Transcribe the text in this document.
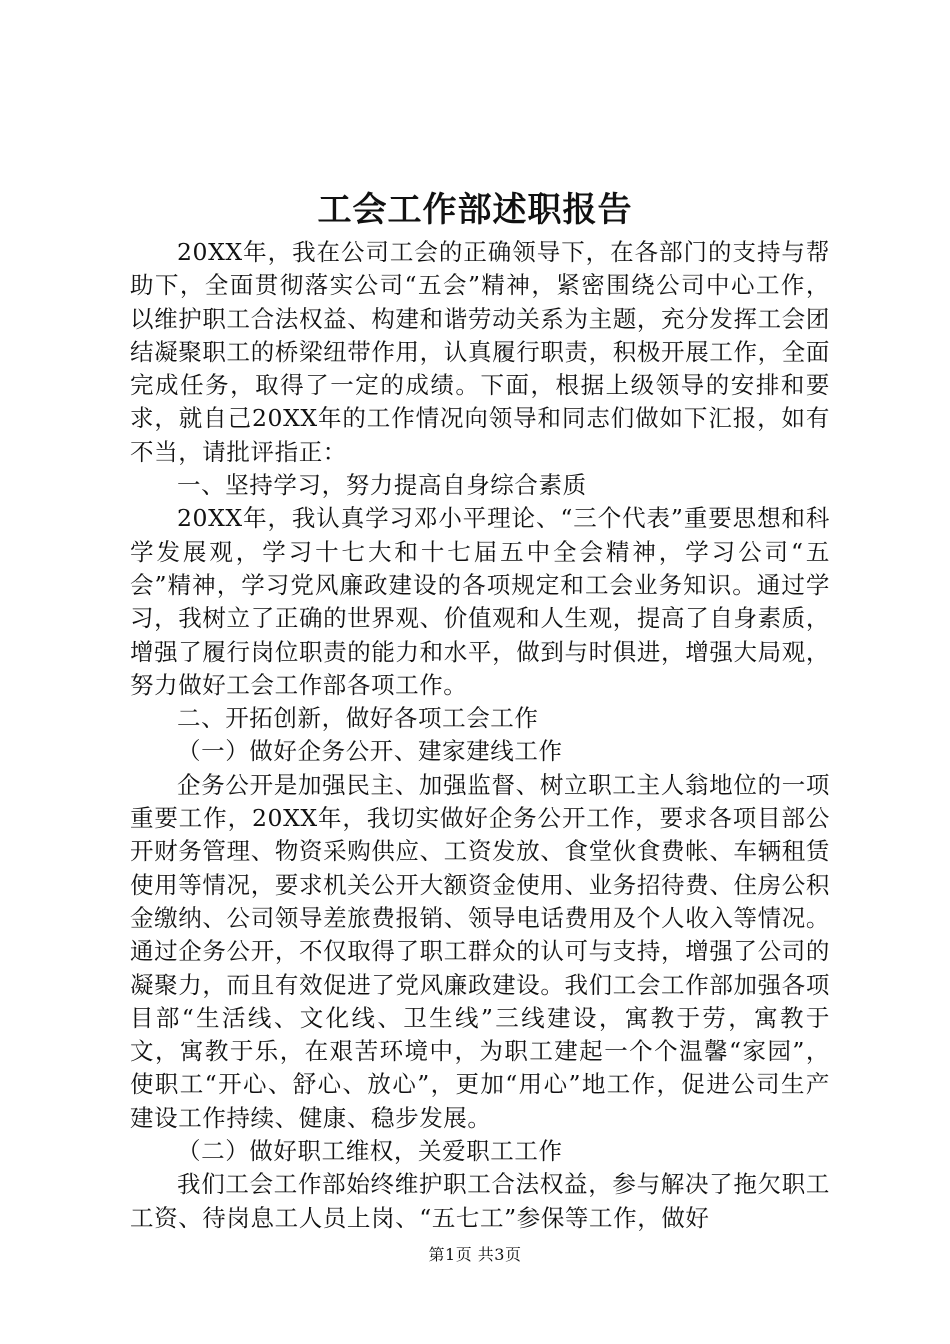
工会工作部述职报告

20XX年，我在公司工会的正确领导下，在各部门的支持与帮助下，全面贯彻落实公司“五会”精神，紧密围绕公司中心工作，以维护职工合法权益、构建和谐劳动关系为主题，充分发挥工会团结凝聚职工的桥梁纽带作用，认真履行职责，积极开展工作，全面完成任务，取得了一定的成绩。下面，根据上级领导的安排和要求，就自己20XX年的工作情况向领导和同志们做如下汇报，如有不当，请批评指正：

一、坚持学习，努力提高自身综合素质

20XX年，我认真学习邓小平理论、“三个代表”重要思想和科学发展观，学习十七大和十七届五中全会精神，学习公司“五会”精神，学习党风廉政建设的各项规定和工会业务知识。通过学习，我树立了正确的世界观、价值观和人生观，提高了自身素质，增强了履行岗位职责的能力和水平，做到与时俱进，增强大局观，努力做好工会工作部各项工作。

二、开拓创新，做好各项工会工作

（一）做好企务公开、建家建线工作

企务公开是加强民主、加强监督、树立职工主人翁地位的一项重要工作，20XX年，我切实做好企务公开工作，要求各项目部公开财务管理、物资采购供应、工资发放、食堂伙食费帐、车辆租赁使用等情况，要求机关公开大额资金使用、业务招待费、住房公积金缴纳、公司领导差旅费报销、领导电话费用及个人收入等情况。通过企务公开，不仅取得了职工群众的认可与支持，增强了公司的凝聚力，而且有效促进了党风廉政建设。我们工会工作部加强各项目部“生活线、文化线、卫生线”三线建设，寓教于劳，寓教于文，寓教于乐，在艰苦环境中，为职工建起一个个温馨“家园”，使职工“开心、舒心、放心”，更加“用心”地工作，促进公司生产建设工作持续、健康、稳步发展。

（二）做好职工维权，关爱职工工作

我们工会工作部始终维护职工合法权益，参与解决了拖欠职工工资、待岗息工人员上岗、“五七工”参保等工作，做好

第1页 共3页
